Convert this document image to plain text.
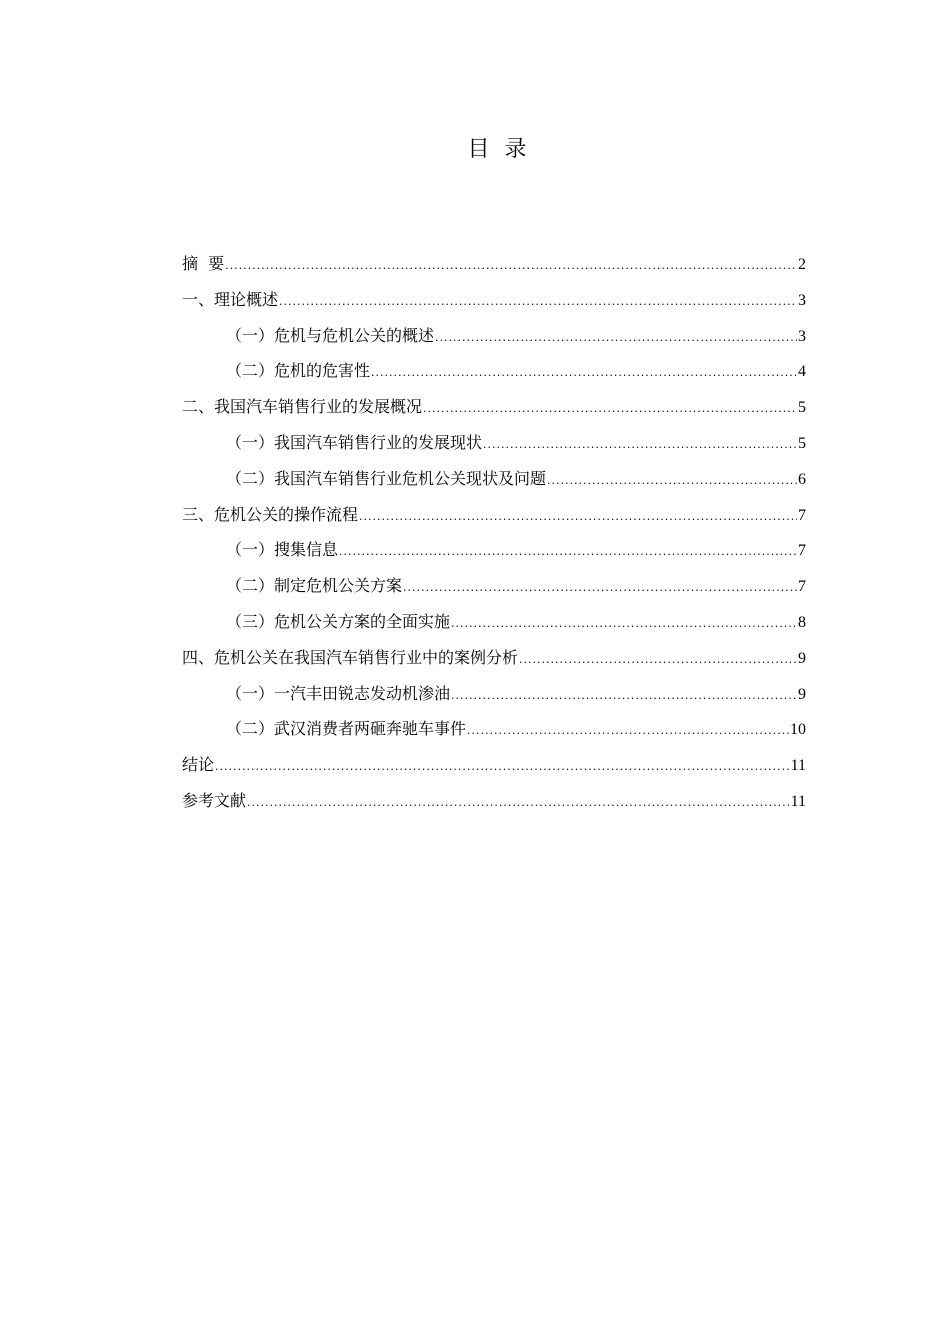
目 录
摘  要 .....	2
一、理论概述 .....	3
（一）危机与危机公关的概述 .....	3
（二）危机的危害性 .....	4
二、我国汽车销售行业的发展概况 .....	5
（一）我国汽车销售行业的发展现状 .....	5
（二）我国汽车销售行业危机公关现状及问题 .....	6
三、危机公关的操作流程 .....	7
（一）搜集信息 .....	7
（二）制定危机公关方案 .....	7
（三）危机公关方案的全面实施 .....	8
四、危机公关在我国汽车销售行业中的案例分析 .....	9
（一）一汽丰田锐志发动机渗油 .....	9
（二）武汉消费者两砸奔驰车事件 .....	10
结论 .....	11
参考文献 .....	11
